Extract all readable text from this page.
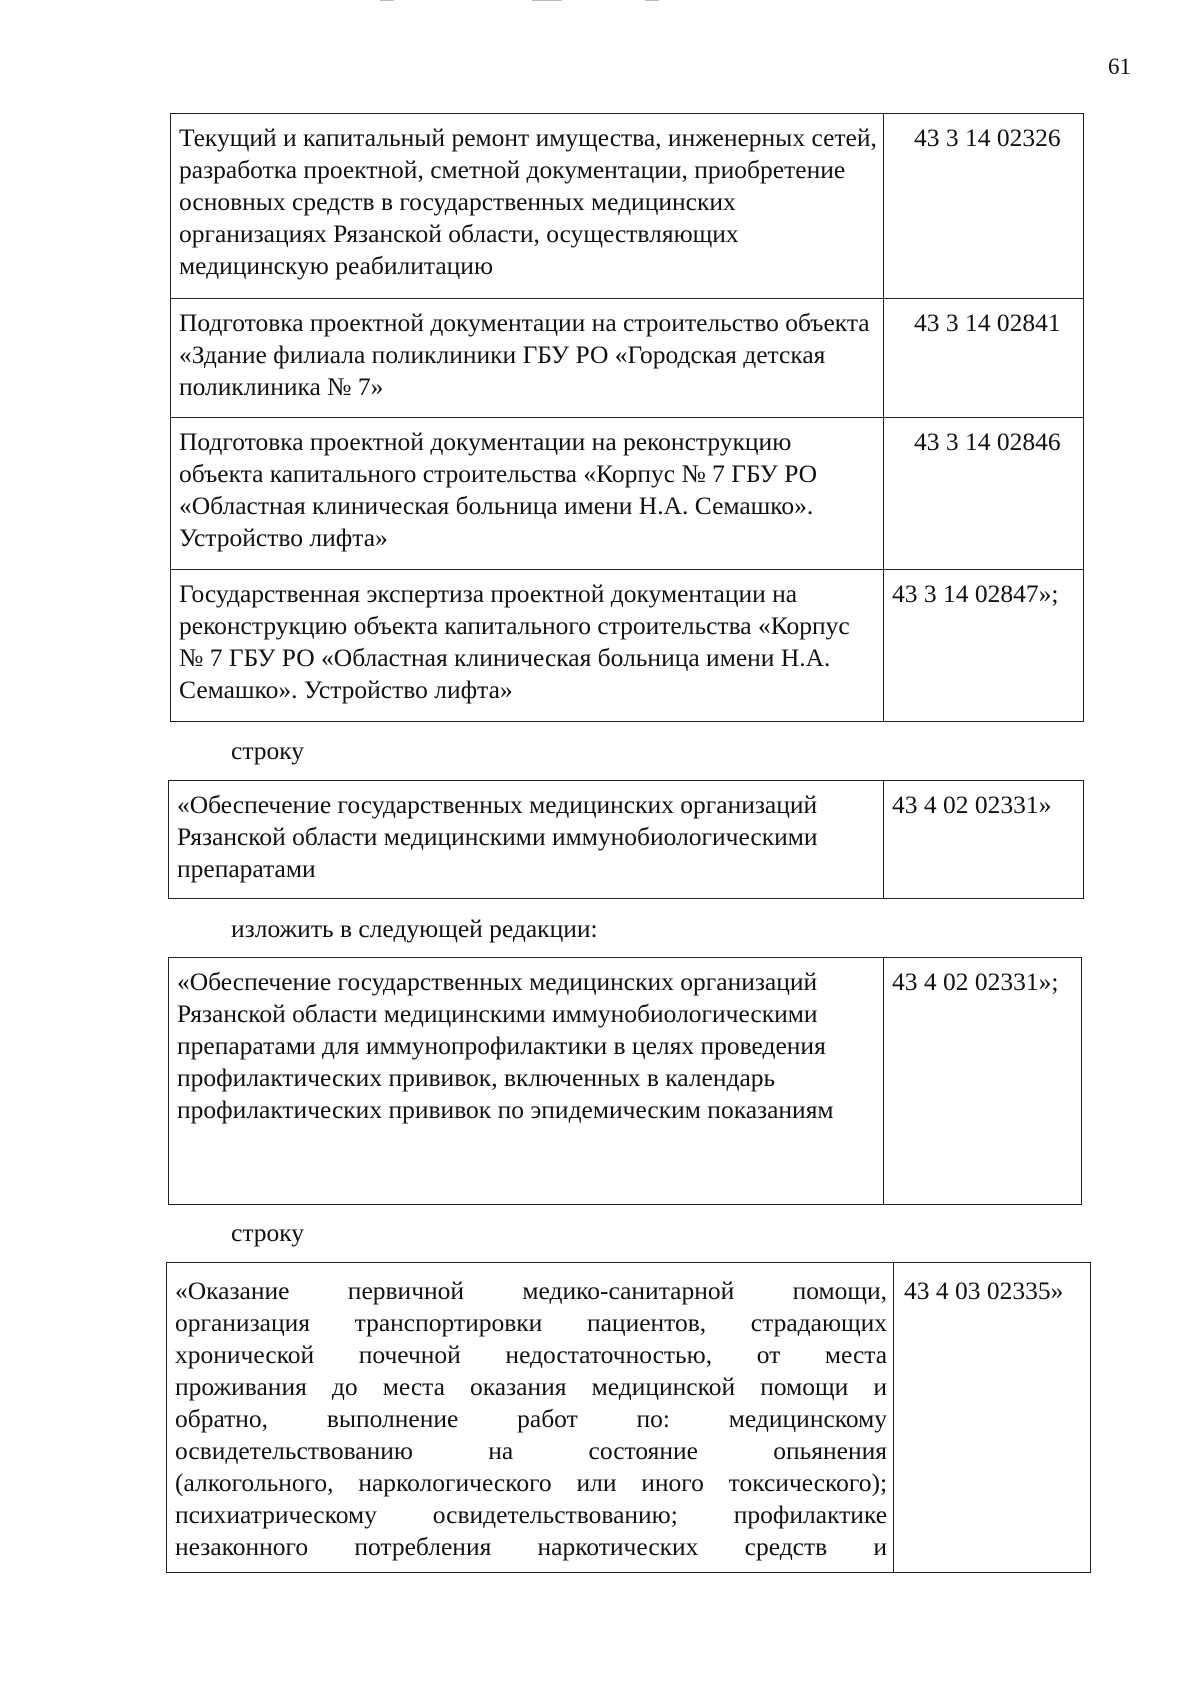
61
Текущий и капитальный ремонт имущества, инженерных сетей, разработка проектной, сметной документации, приобретение основных средств в государственных медицинских организациях Рязанской области, осуществляющих медицинскую реабилитацию	43 3 14 02326
Подготовка проектной документации на строительство объекта «Здание филиала поликлиники ГБУ РО «Городская детская поликлиника № 7»	43 3 14 02841
Подготовка проектной документации на реконструкцию объекта капитального строительства «Корпус № 7 ГБУ РО «Областная клиническая больница имени Н.А. Семашко». Устройство лифта»	43 3 14 02846
Государственная экспертиза проектной документации на реконструкцию объекта капитального строительства «Корпус № 7 ГБУ РО «Областная клиническая больница имени Н.А. Семашко». Устройство лифта»	43 3 14 02847»;
строку
«Обеспечение государственных медицинских организаций Рязанской области медицинскими иммунобиологическими препаратами	43 4 02 02331»
изложить в следующей редакции:
«Обеспечение государственных медицинских организаций Рязанской области медицинскими иммунобиологическими препаратами для иммунопрофилактики в целях проведения профилактических прививок, включенных в календарь профилактических прививок по эпидемическим показаниям	43 4 02 02331»;
строку
«Оказание первичной медико-санитарной помощи,
организация транспортировки пациентов, страдающих
хронической почечной недостаточностью, от места
проживания до места оказания медицинской помощи и
обратно, выполнение работ по: медицинскому
освидетельствованию на состояние опьянения
(алкогольного, наркологического или иного токсического);
психиатрическому освидетельствованию; профилактике
незаконного потребления наркотических средств и
	43 4 03 02335»
